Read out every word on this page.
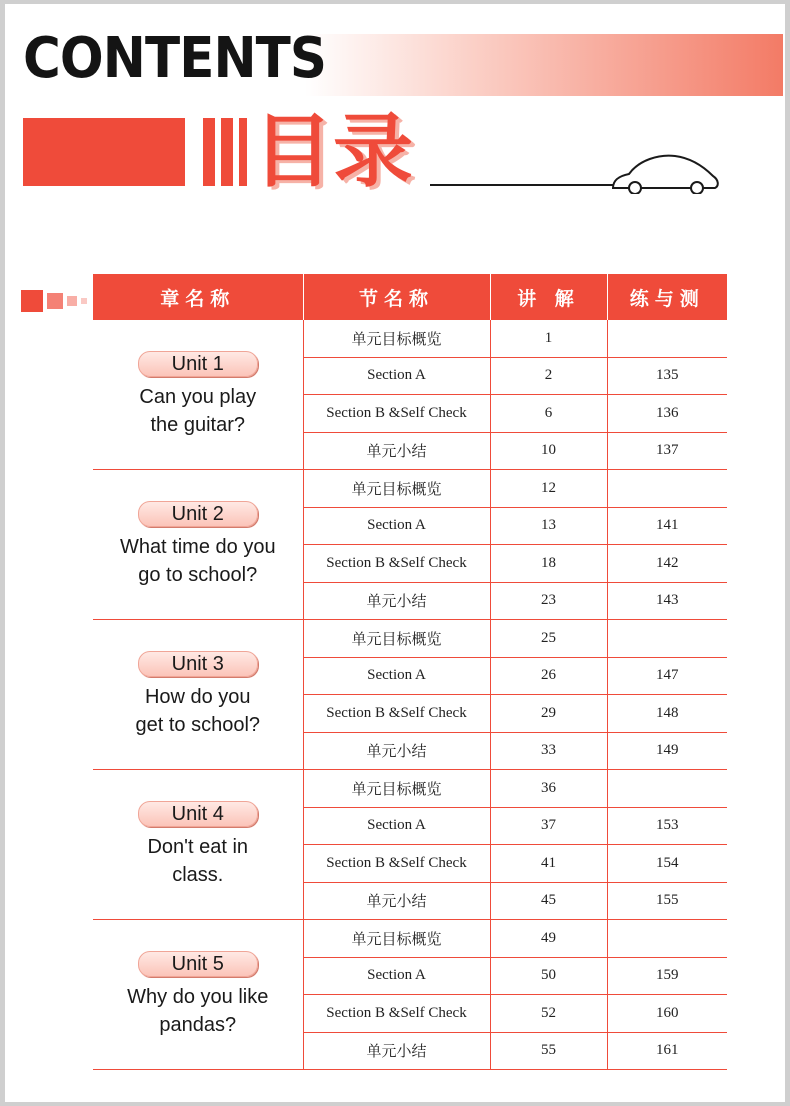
CONTENTS
目录
章名称	节名称	讲 解	练与测
Unit 1
Can you play
the guitar?	单元目标概览	1	
	Section A	2	135
	Section B &Self Check	6	136
	单元小结	10	137
Unit 2
What time do you
go to school?	单元目标概览	12	
	Section A	13	141
	Section B &Self Check	18	142
	单元小结	23	143
Unit 3
How do you
get to school?	单元目标概览	25	
	Section A	26	147
	Section B &Self Check	29	148
	单元小结	33	149
Unit 4
Don't eat in
class.	单元目标概览	36	
	Section A	37	153
	Section B &Self Check	41	154
	单元小结	45	155
Unit 5
Why do you like
pandas?	单元目标概览	49	
	Section A	50	159
	Section B &Self Check	52	160
	单元小结	55	161
